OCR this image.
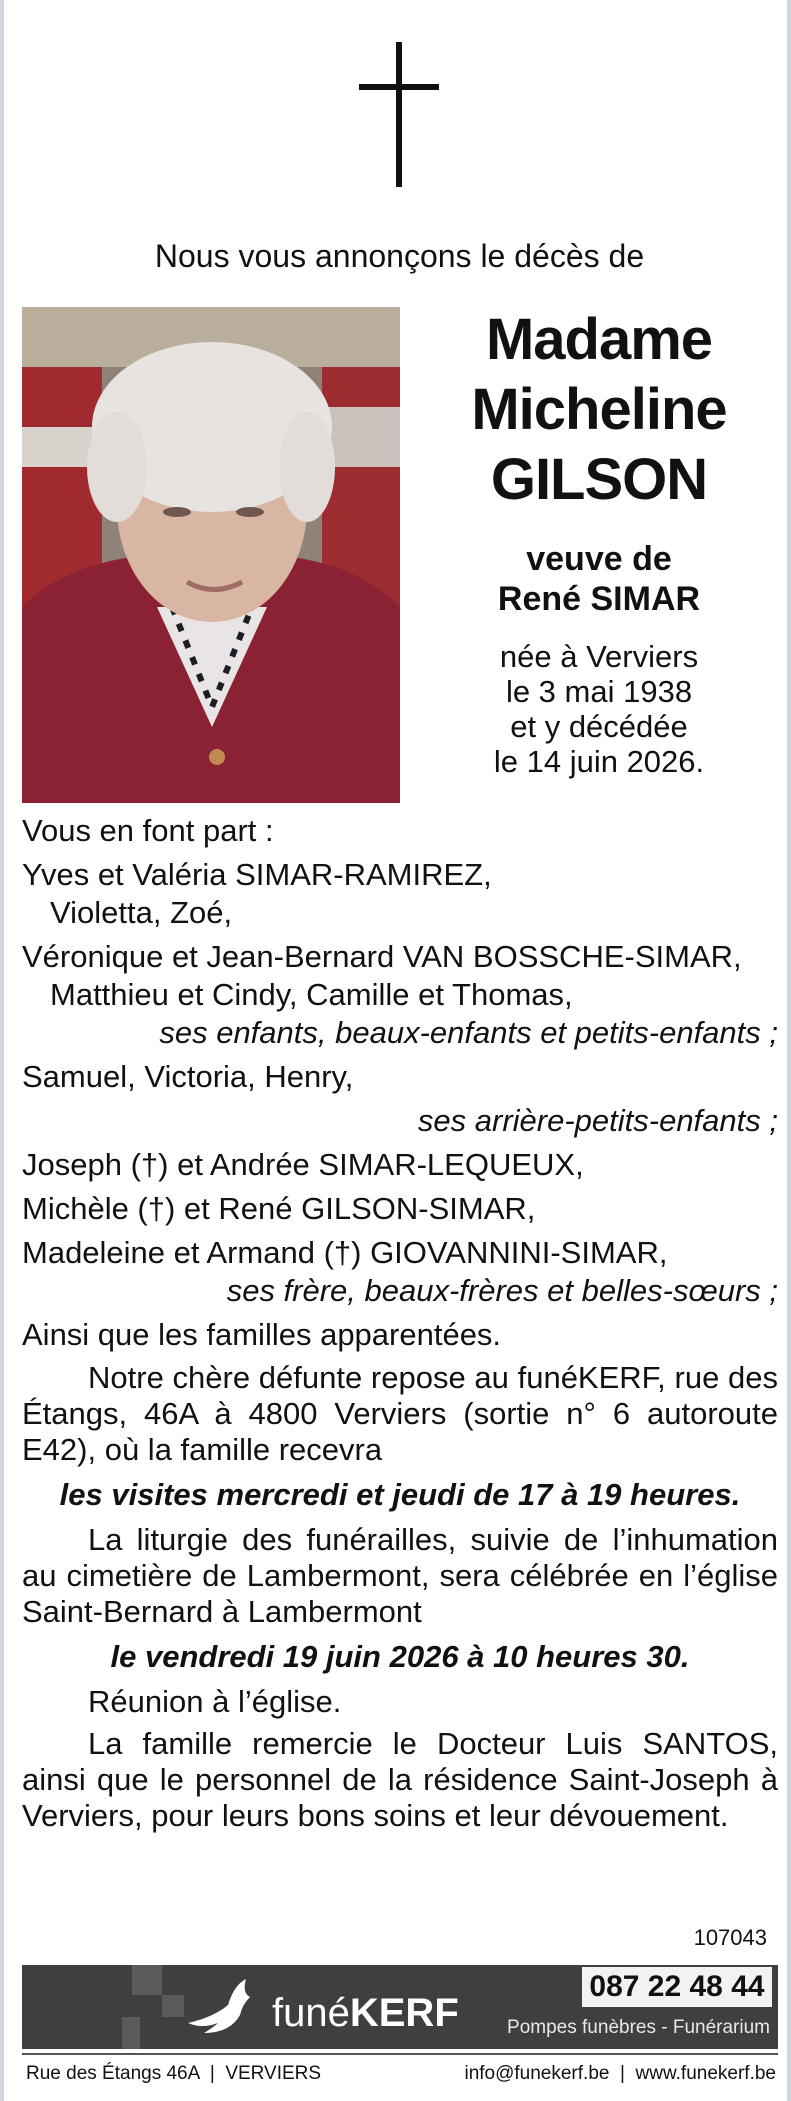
Nous vous annonçons le décès de
Madame
Micheline
GILSON
veuve de
René SIMAR
née à Verviers
le 3 mai 1938
et y décédée
le 14 juin 2026.

Vous en font part :

Yves et Valéria SIMAR-RAMIREZ,
Violetta, Zoé,

Véronique et Jean-Bernard VAN BOSSCHE-SIMAR,
Matthieu et Cindy, Camille et Thomas,

ses enfants, beaux-enfants et petits-enfants ;

Samuel, Victoria, Henry,

ses arrière-petits-enfants ;

Joseph (†) et Andrée SIMAR-LEQUEUX,

Michèle (†) et René GILSON-SIMAR,

Madeleine et Armand (†) GIOVANNINI-SIMAR,

ses frère, beaux-frères et belles-sœurs ;

Ainsi que les familles apparentées.

Notre chère défunte repose au funéKERF, rue des Étangs, 46A à 4800 Verviers (sortie n° 6 autoroute E42), où la famille recevra

les visites mercredi et jeudi de 17 à 19 heures.

La liturgie des funérailles, suivie de l’inhumation au cimetière de Lambermont, sera célébrée en l’église Saint-Bernard à Lambermont

le vendredi 19 juin 2026 à 10 heures 30.

Réunion à l’église.

La famille remercie le Docteur Luis SANTOS, ainsi que le personnel de la résidence Saint-Joseph à Verviers, pour leurs bons soins et leur dévouement.

107043
funéKERF
087 22 48 44
Pompes funèbres - Funérarium
Rue des Étangs 46A | VERVIERS	info@funekerf.be | www.funekerf.be
